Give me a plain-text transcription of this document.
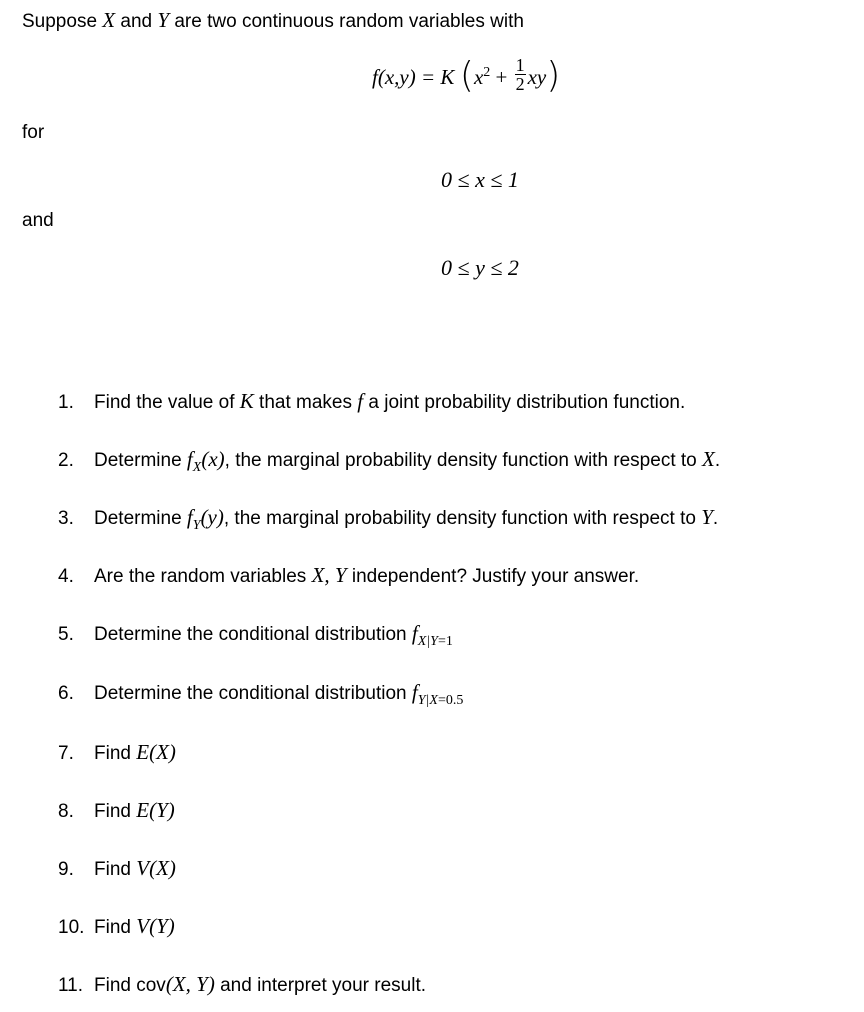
Suppose X and Y are two continuous random variables with
f(x,y) = K $(x^2 + \frac{1}{2} xy)$
for
0 ≤ x ≤ 1
and
0 ≤ y ≤ 2
1. Find the value of K that makes f a joint probability distribution function.
2. Determine $f_X(x)$, the marginal probability density function with respect to X.
3. Determine $f_Y(y)$, the marginal probability density function with respect to Y.
4. Are the random variables X, Y independent? Justify your answer.
5. Determine the conditional distribution $f_{X|Y=1}$
6. Determine the conditional distribution $f_{Y|X=0.5}$
7. Find E(X)
8. Find E(Y)
9. Find V(X)
10. Find V(Y)
11. Find cov(X, Y) and interpret your result.
